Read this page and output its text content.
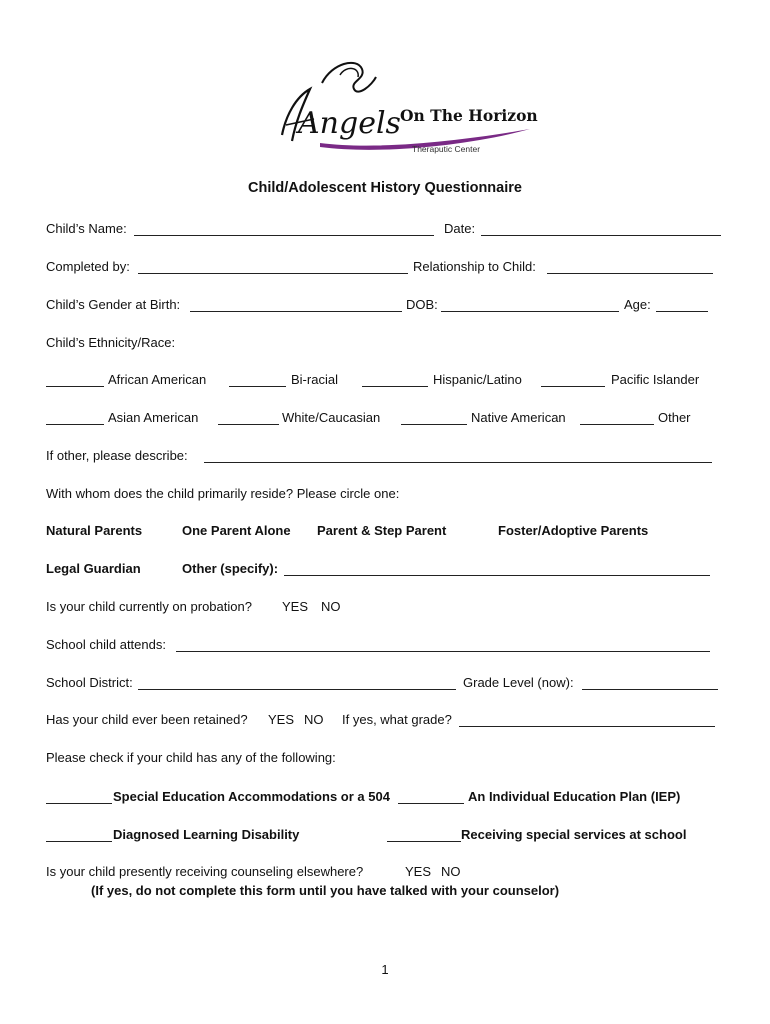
Angels On The Horizon
Theraputic Center
Child/Adolescent History Questionnaire
Child’s Name:	Date:
Completed by:	Relationship to Child:
Child’s Gender at Birth:	DOB:	Age:
Child’s Ethnicity/Race:
African American	Bi-racial	Hispanic/Latino	Pacific Islander
Asian American	White/Caucasian	Native American	Other
If other, please describe:
With whom does the child primarily reside? Please circle one:
Natural Parents	One Parent Alone Parent & Step Parent	Foster/Adoptive Parents
Legal Guardian	Other (specify):
Is your child currently on probation? YES NO
School child attends:
School District:	Grade Level (now):
Has your child ever been retained? YES NO If yes, what grade?
Please check if your child has any of the following:
Special Education Accommodations or a 504	An Individual Education Plan (IEP)
Diagnosed Learning Disability	Receiving special services at school
Is your child presently receiving counseling elsewhere?	YES NO
(If yes, do not complete this form until you have talked with your counselor)
1
